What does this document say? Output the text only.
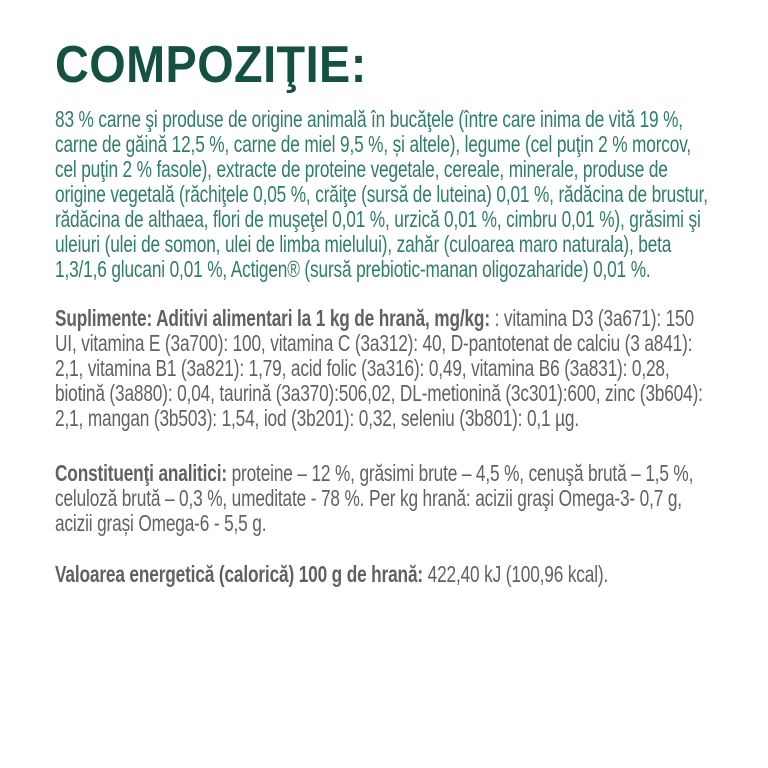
COMPOZIŢIE:

83 % carne şi produse de origine animală în bucăţele (între care inima de vită 19 %, carne de găină 12,5 %, carne de miel 9,5 %, și altele), legume (cel puţin 2 % morcov, cel puţin 2 % fasole), extracte de proteine vegetale, cereale, minerale, produse de origine vegetală (răchiţele 0,05 %, crăiţe (sursă de luteina) 0,01 %, rădăcina de brustur, rădăcina de althaea, flori de muşeţel 0,01 %, urzică 0,01 %, cimbru 0,01 %), grăsimi şi uleiuri (ulei de somon, ulei de limba mielului), zahăr (culoarea maro naturala), beta 1,3/1,6 glucani 0,01 %, Actigen® (sursă prebiotic-manan oligozaharide) 0,01 %.

Suplimente: Aditivi alimentari la 1 kg de hrană, mg/kg: : vitamina D3 (3a671): 150 UI, vitamina E (3a700): 100, vitamina C (3a312): 40, D-pantotenat de calciu (3 a841): 2,1, vitamina B1 (3a821): 1,79, acid folic (3a316): 0,49, vitamina B6 (3a831): 0,28, biotină (3a880): 0,04, taurină (3a370):506,02, DL-metionină (3c301):600, zinc (3b604): 2,1, mangan (3b503): 1,54, iod (3b201): 0,32, seleniu (3b801): 0,1 µg.

Constituenţi analitici: proteine – 12 %, grăsimi brute – 4,5 %, cenuşă brută – 1,5 %, celuloză brută – 0,3 %, umeditate - 78 %. Per kg hrană: acizii graşi Omega-3- 0,7 g, acizii grași Omega-6 - 5,5 g.

Valoarea energetică (calorică) 100 g de hrană: 422,40 kJ (100,96 kcal).
